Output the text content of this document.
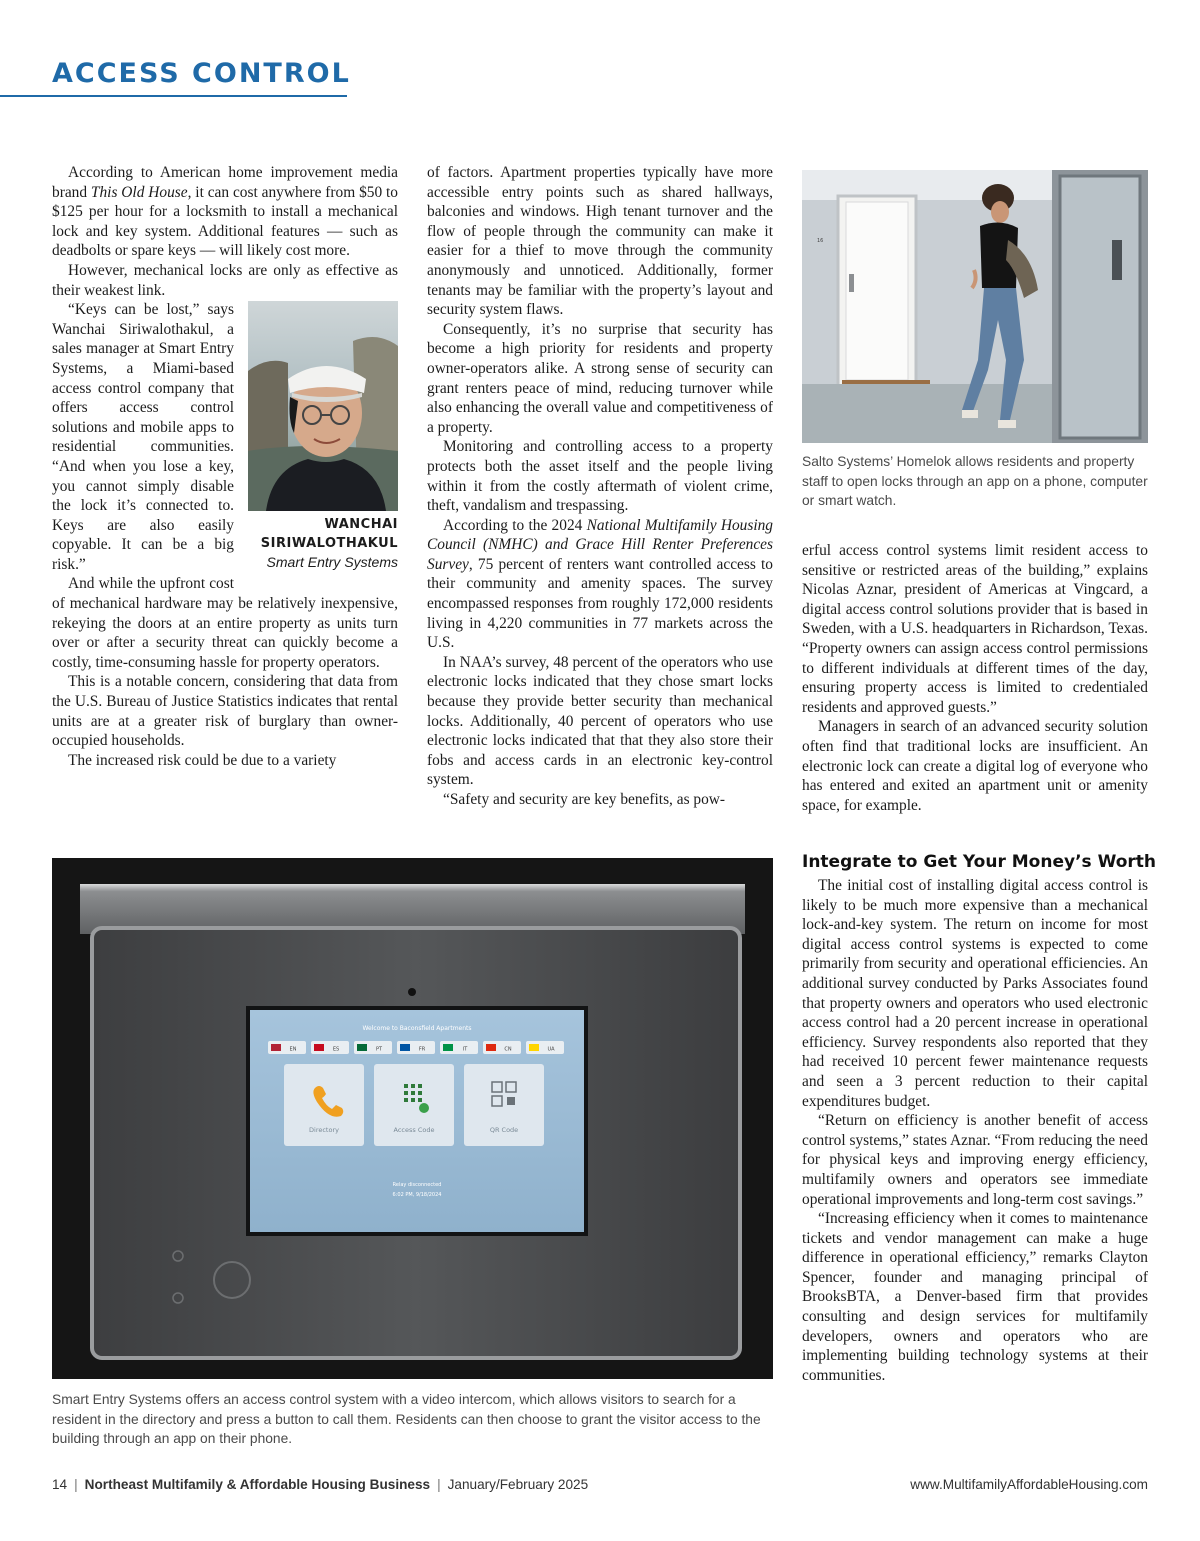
ACCESS CONTROL

According to American home improvement media brand This Old House, it can cost anywhere from $50 to $125 per hour for a locksmith to install a mechanical lock and key system. Additional features — such as deadbolts or spare keys — will likely cost more.

However, mechanical locks are only as effective as their weakest link.

WANCHAI
SIRIWALOTHAKUL
Smart Entry Systems

“Keys can be lost,” says Wanchai Siriwalothakul, a sales manager at Smart Entry Systems, a Miami-based access control company that offers access control solutions and mobile apps to residential communities. “And when you lose a key, you cannot simply disable the lock it’s connected to. Keys are also easily copyable. It can be a big risk.”

And while the upfront cost of mechanical hardware may be relatively inexpensive, rekeying the doors at an entire property as units turn over or after a security threat can quickly become a costly, time-consuming hassle for property operators.

This is a notable concern, considering that data from the U.S. Bureau of Justice Statistics indicates that rental units are at a greater risk of burglary than owner-occupied households.

The increased risk could be due to a variety

of factors. Apartment properties typically have more accessible entry points such as shared hallways, balconies and windows. High tenant turnover and the flow of people through the community can make it easier for a thief to move through the community anonymously and unnoticed. Additionally, former tenants may be familiar with the property’s layout and security system flaws.

Consequently, it’s no surprise that security has become a high priority for residents and property owner-operators alike. A strong sense of security can grant renters peace of mind, reducing turnover while also enhancing the overall value and competitiveness of a property.

Monitoring and controlling access to a property protects both the asset itself and the people living within it from the costly aftermath of violent crime, theft, vandalism and trespassing.

According to the 2024 National Multifamily Housing Council (NMHC) and Grace Hill Renter Preferences Survey, 75 percent of renters want controlled access to their community and amenity spaces. The survey encompassed responses from roughly 172,000 residents living in 4,220 communities in 77 markets across the U.S.

In NAA’s survey, 48 percent of the operators who use electronic locks indicated that they chose smart locks because they provide better security than mechanical locks. Additionally, 40 percent of operators who use electronic locks indicated that that they also store their fobs and access cards in an electronic key-control system.

“Safety and security are key benefits, as pow-

16
Salto Systems’ Homelok allows residents and property staff to open locks through an app on a phone, computer or smart watch.

erful access control systems limit resident access to sensitive or restricted areas of the building,” explains Nicolas Aznar, president of Americas at Vingcard, a digital access control solutions provider that is based in Sweden, with a U.S. headquarters in Richardson, Texas. “Property owners can assign access control permissions to different individuals at different times of the day, ensuring property access is limited to credentialed residents and approved guests.”

Managers in search of an advanced security solution often find that traditional locks are insufficient. An electronic lock can create a digital log of everyone who has entered and exited an apartment unit or amenity space, for example.

Integrate to Get Your Money’s Worth

The initial cost of installing digital access control is likely to be much more expensive than a mechanical lock-and-key system. The return on income for most digital access control systems is expected to come primarily from security and operational efficiencies. An additional survey conducted by Parks Associates found that property owners and operators who used electronic access control had a 20 percent increase in operational efficiency. Survey respondents also reported that they had received 10 percent fewer maintenance requests and seen a 3 percent reduction to their capital expenditures budget.

“Return on efficiency is another benefit of access control systems,” states Aznar. “From reducing the need for physical keys and improving energy efficiency, multifamily owners and operators see immediate operational improvements and long-term cost savings.”

“Increasing efficiency when it comes to maintenance tickets and vendor management can make a huge difference in operational efficiency,” remarks Clayton Spencer, founder and managing principal of BrooksBTA, a Denver-based firm that provides consulting and design services for multifamily developers, owners and operators who are implementing building technology systems at their communities.

Welcome to Baconsfield Apartments
EN	ES	PT	FR	IT	CN	UA
Directory	Access Code	QR Code
Relay disconnected
6:02 PM, 9/18/2024
Smart Entry Systems offers an access control system with a video intercom, which allows visitors to search for a resident in the directory and press a button to call them. Residents can then choose to grant the visitor access to the building through an app on their phone.
14 | Northeast Multifamily & Affordable Housing Business | January/February 2025	www.MultifamilyAffordableHousing.com
